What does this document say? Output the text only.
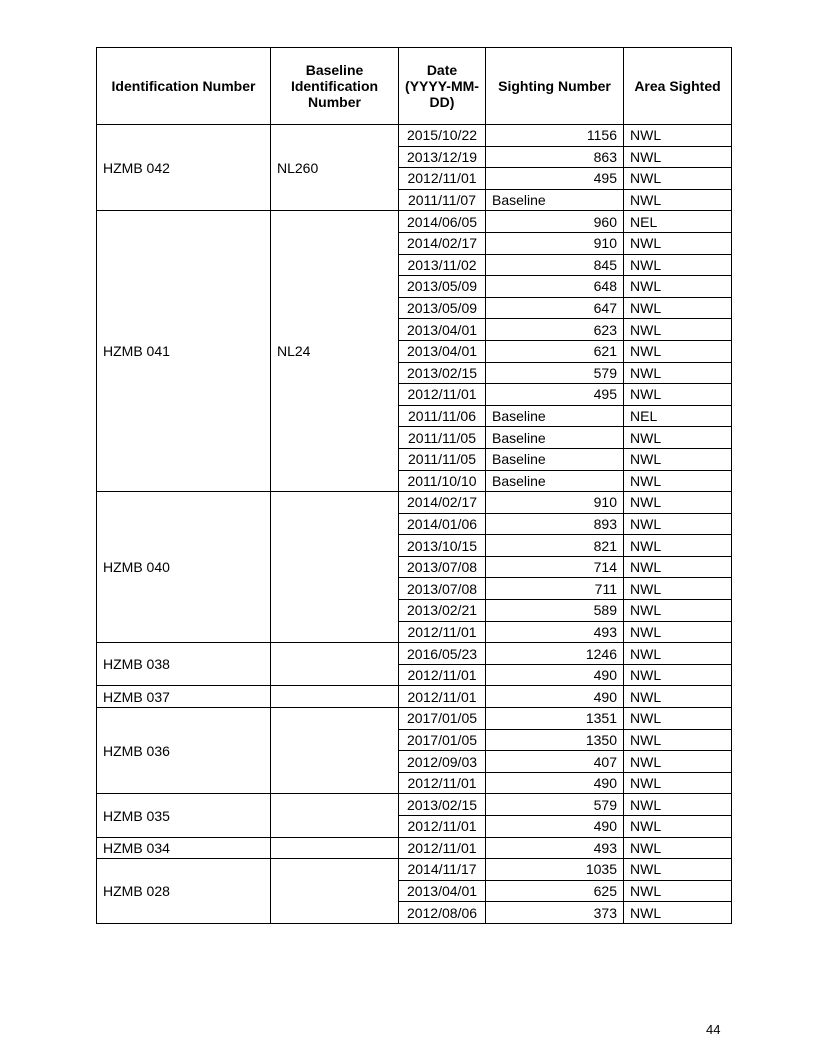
Identification Number	Baseline Identification Number	Date (YYYY-MM-DD)	Sighting Number	Area Sighted
HZMB 042	NL260	2015/10/22	1156	NWL
		2013/12/19	863	NWL
		2012/11/01	495	NWL
		2011/11/07	Baseline	NWL
HZMB 041	NL24	2014/06/05	960	NEL
		2014/02/17	910	NWL
		2013/11/02	845	NWL
		2013/05/09	648	NWL
		2013/05/09	647	NWL
		2013/04/01	623	NWL
		2013/04/01	621	NWL
		2013/02/15	579	NWL
		2012/11/01	495	NWL
		2011/11/06	Baseline	NEL
		2011/11/05	Baseline	NWL
		2011/11/05	Baseline	NWL
		2011/10/10	Baseline	NWL
HZMB 040		2014/02/17	910	NWL
		2014/01/06	893	NWL
		2013/10/15	821	NWL
		2013/07/08	714	NWL
		2013/07/08	711	NWL
		2013/02/21	589	NWL
		2012/11/01	493	NWL
HZMB 038		2016/05/23	1246	NWL
		2012/11/01	490	NWL
HZMB 037		2012/11/01	490	NWL
HZMB 036		2017/01/05	1351	NWL
		2017/01/05	1350	NWL
		2012/09/03	407	NWL
		2012/11/01	490	NWL
HZMB 035		2013/02/15	579	NWL
		2012/11/01	490	NWL
HZMB 034		2012/11/01	493	NWL
HZMB 028		2014/11/17	1035	NWL
		2013/04/01	625	NWL
		2012/08/06	373	NWL
44
